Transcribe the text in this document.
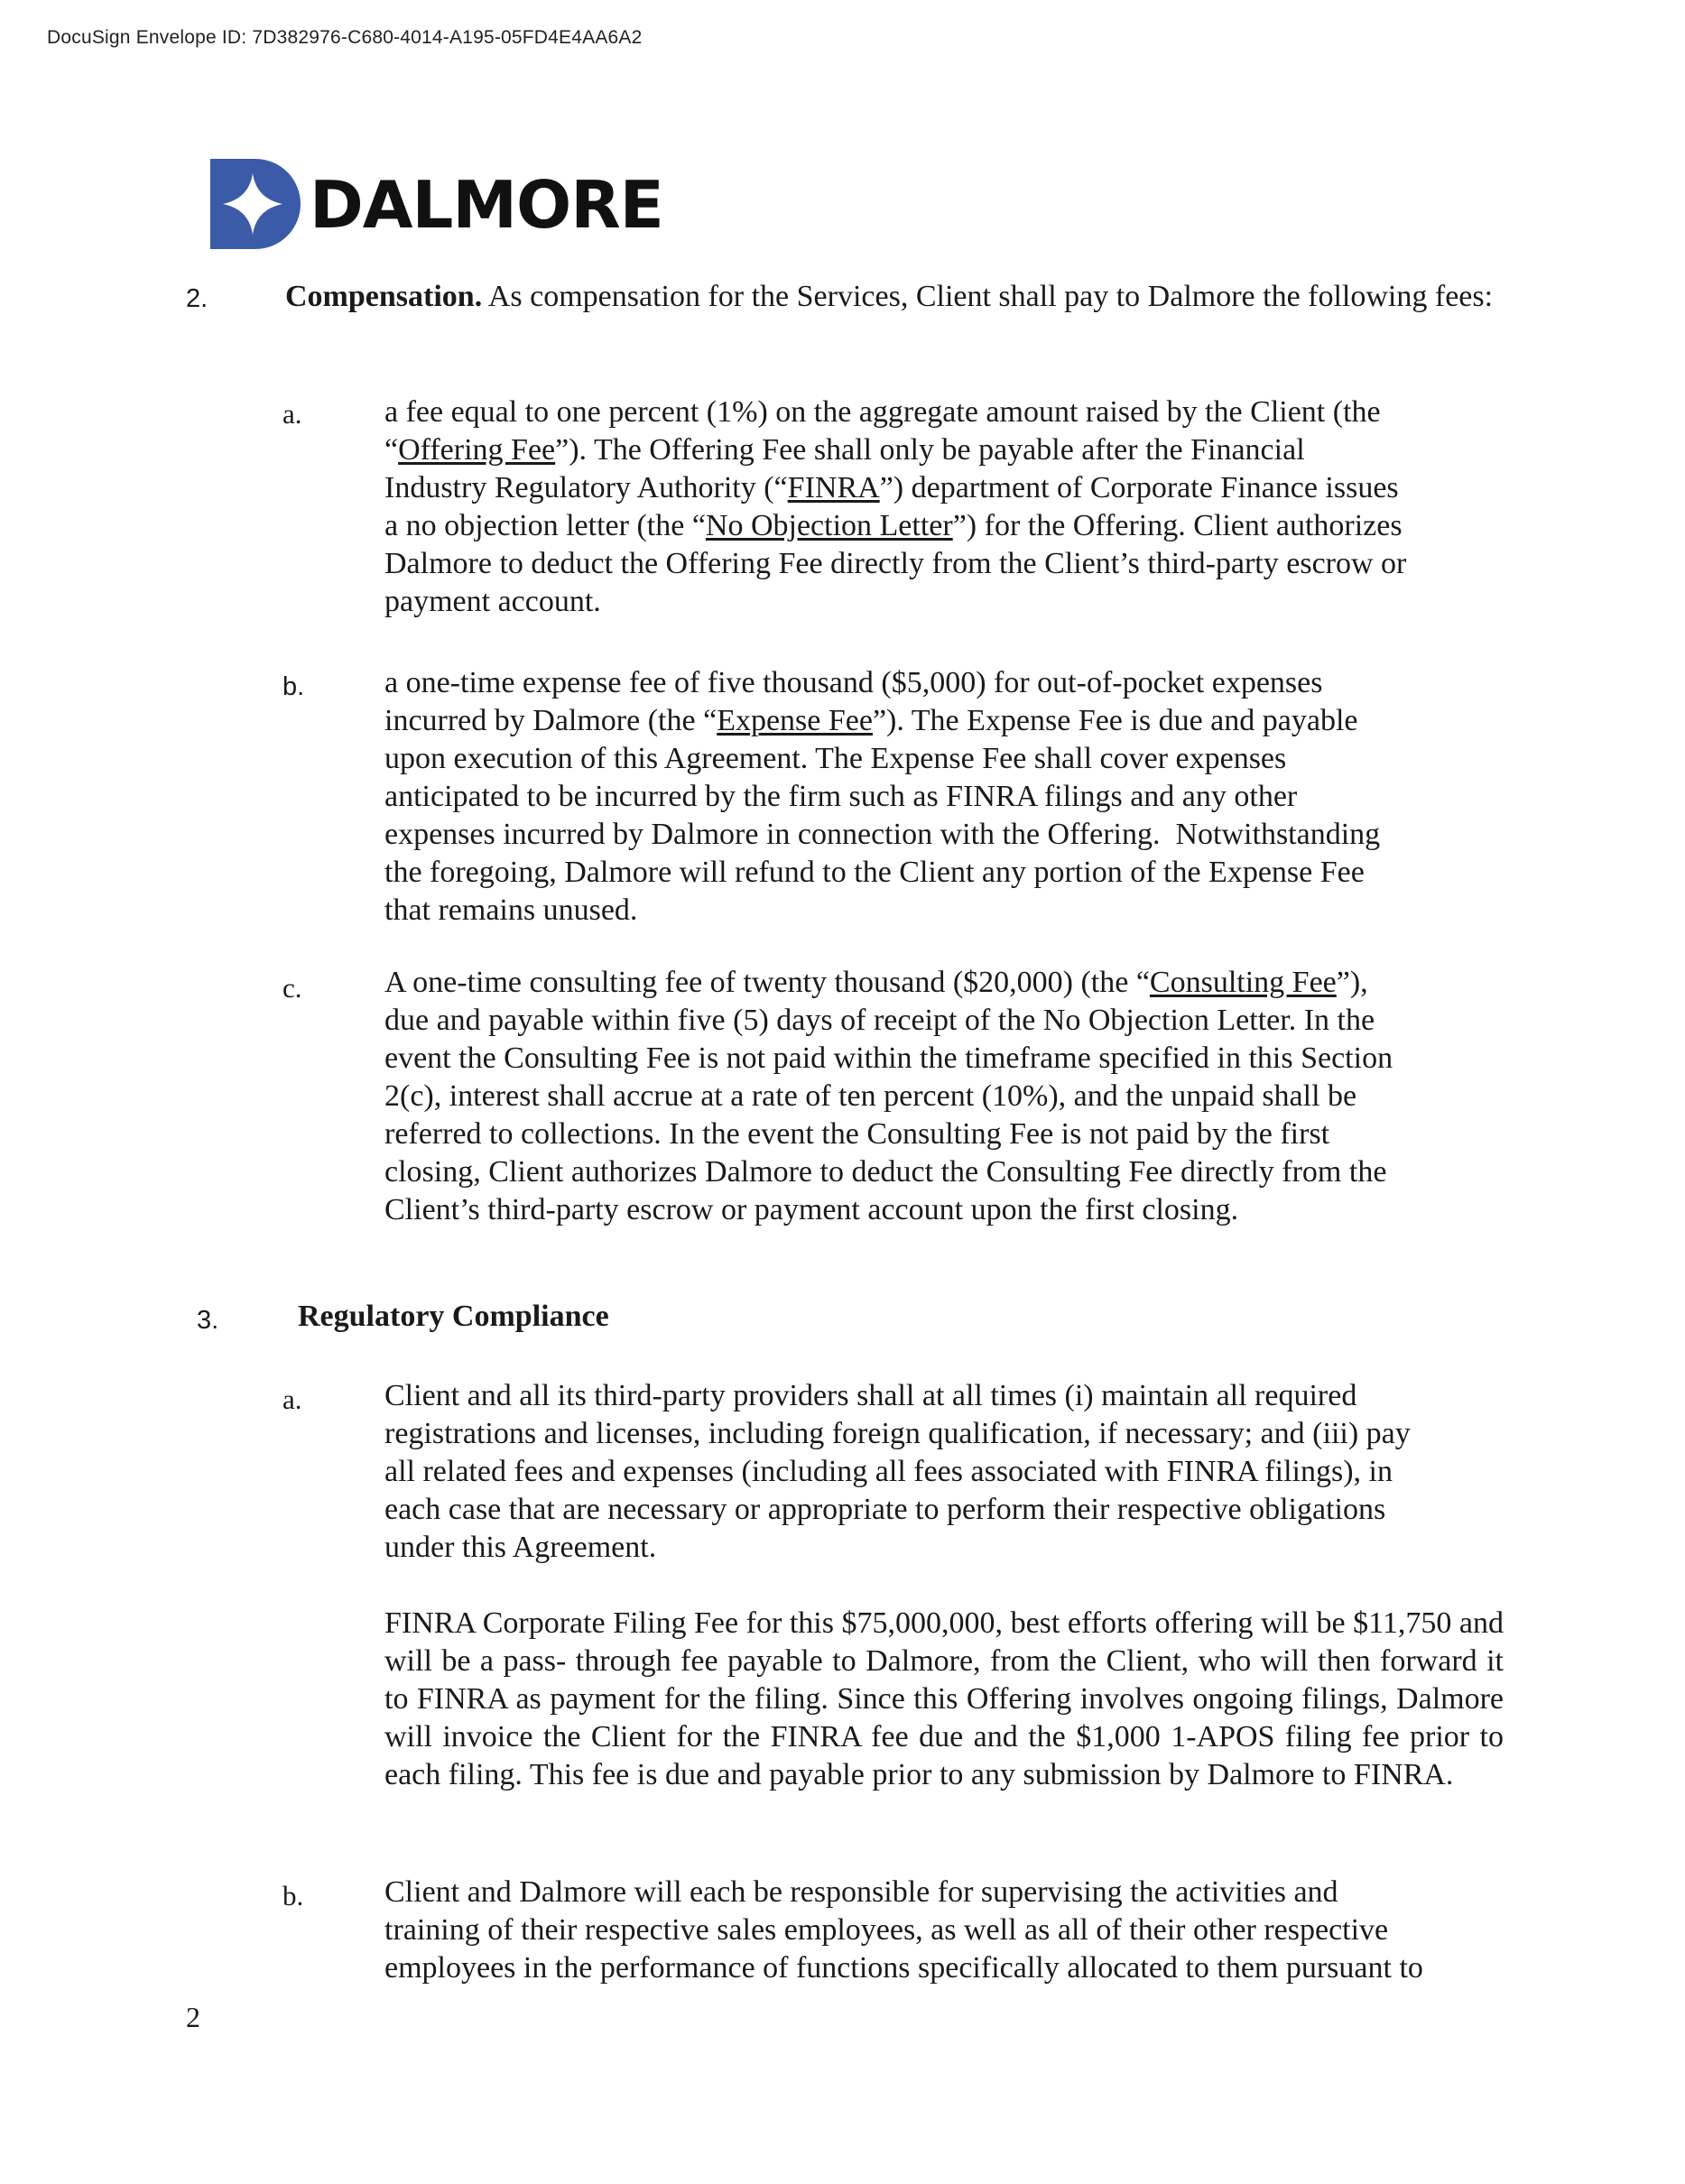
DocuSign Envelope ID: 7D382976-C680-4014-A195-05FD4E4AA6A2
DALMORE
2.	Compensation. As compensation for the Services, Client shall pay to Dalmore the following fees:
a.	a fee equal to one percent (1%) on the aggregate amount raised by the Client (the
“Offering Fee”). The Offering Fee shall only be payable after the Financial
Industry Regulatory Authority (“FINRA”) department of Corporate Finance issues
a no objection letter (the “No Objection Letter”) for the Offering. Client authorizes
Dalmore to deduct the Offering Fee directly from the Client’s third-party escrow or
payment account.
b.	a one-time expense fee of five thousand ($5,000) for out-of-pocket expenses
incurred by Dalmore (the “Expense Fee”). The Expense Fee is due and payable
upon execution of this Agreement. The Expense Fee shall cover expenses
anticipated to be incurred by the firm such as FINRA filings and any other
expenses incurred by Dalmore in connection with the Offering.  Notwithstanding
the foregoing, Dalmore will refund to the Client any portion of the Expense Fee
that remains unused.
c.	A one-time consulting fee of twenty thousand ($20,000) (the “Consulting Fee”),
due and payable within five (5) days of receipt of the No Objection Letter. In the
event the Consulting Fee is not paid within the timeframe specified in this Section
2(c), interest shall accrue at a rate of ten percent (10%), and the unpaid shall be
referred to collections. In the event the Consulting Fee is not paid by the first
closing, Client authorizes Dalmore to deduct the Consulting Fee directly from the
Client’s third-party escrow or payment account upon the first closing.
3.	Regulatory Compliance
a.	Client and all its third-party providers shall at all times (i) maintain all required
registrations and licenses, including foreign qualification, if necessary; and (iii) pay
all related fees and expenses (including all fees associated with FINRA filings), in
each case that are necessary or appropriate to perform their respective obligations
under this Agreement.
FINRA Corporate Filing Fee for this $75,000,000, best efforts offering will be $11,750 and will be a pass- through fee payable to Dalmore, from the Client, who will then forward it to FINRA as payment for the filing. Since this Offering involves ongoing filings, Dalmore will invoice the Client for the FINRA fee due and the $1,000 1-APOS filing fee prior to each filing. This fee is due and payable prior to any submission by Dalmore to FINRA.
b.	Client and Dalmore will each be responsible for supervising the activities and
training of their respective sales employees, as well as all of their other respective
employees in the performance of functions specifically allocated to them pursuant to
2
